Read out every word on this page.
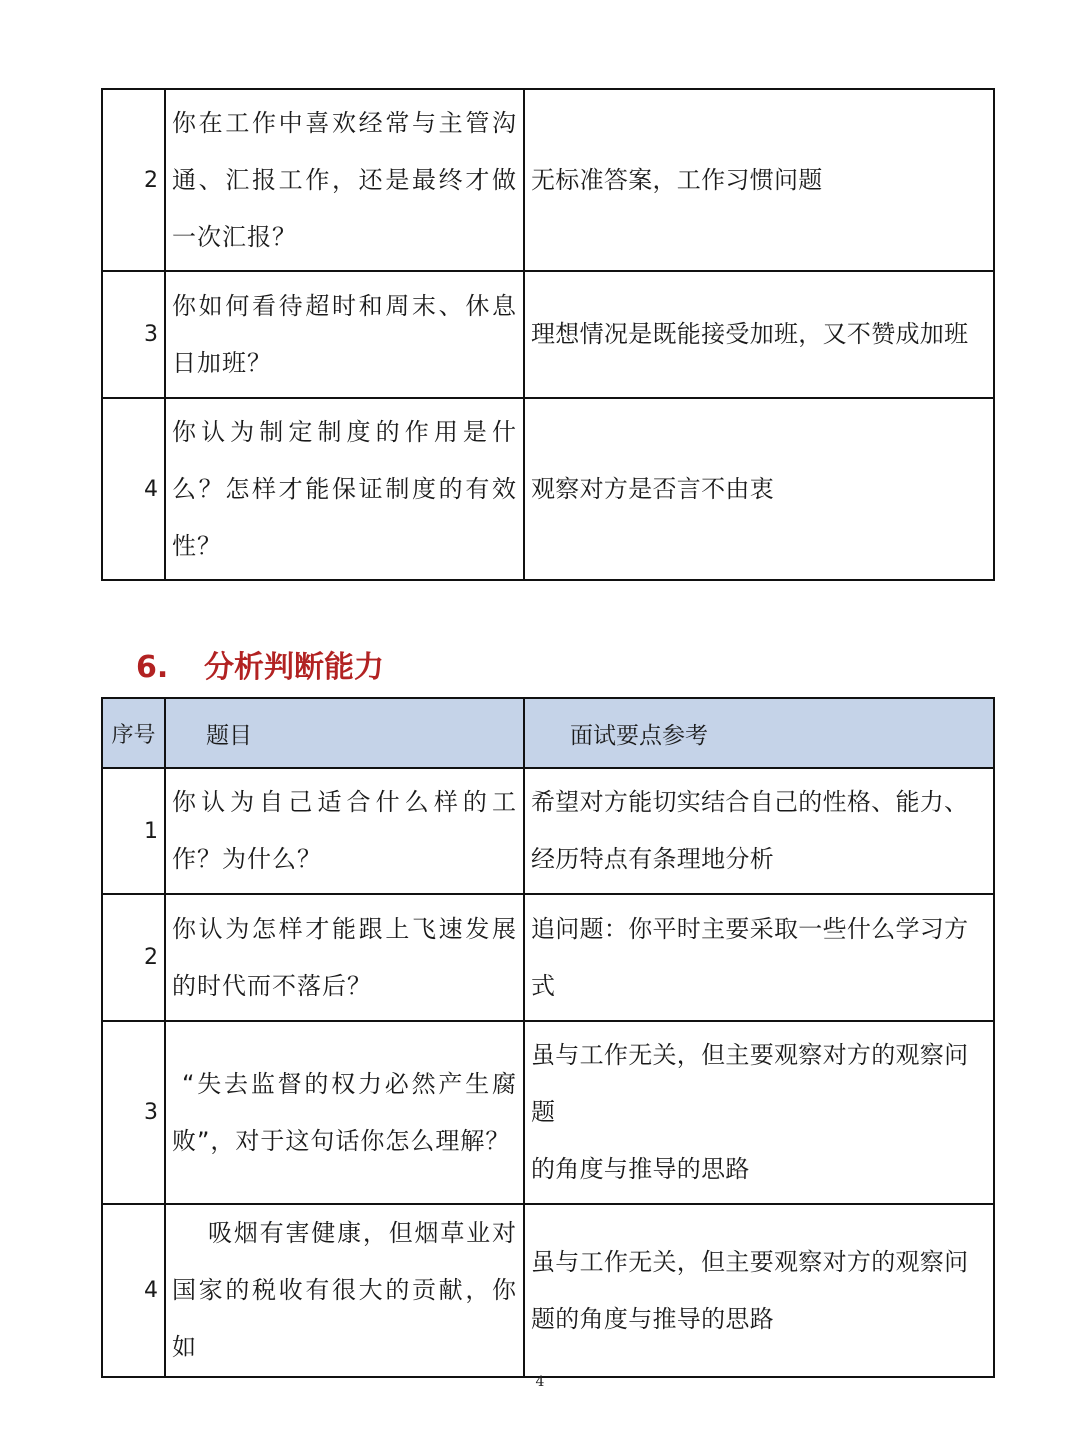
2	你在工作中喜欢经常与主管沟通、汇报工作，还是最终才做一次汇报？	无标准答案，工作习惯问题

3	你如何看待超时和周末、休息日加班？	理想情况是既能接受加班，又不赞成加班

4	你认为制定制度的作用是什么？怎样才能保证制度的有效性？	观察对方是否言不由衷
6. 分析判断能力
序号	题目	面试要点参考
1	你认为自己适合什么样的工作？为什么？	希望对方能切实结合自己的性格、能力、经历特点有条理地分析

2	你认为怎样才能跟上飞速发展的时代而不落后？	追问题：你平时主要采取一些什么学习方式

3	“失去监督的权力必然产生腐败”，对于这句话你怎么理解？	虽与工作无关，但主要观察对方的观察问
题
的角度与推导的思路

4	吸烟有害健康，但烟草业对国家的税收有很大的贡献，你如	虽与工作无关，但主要观察对方的观察问题的角度与推导的思路
4
